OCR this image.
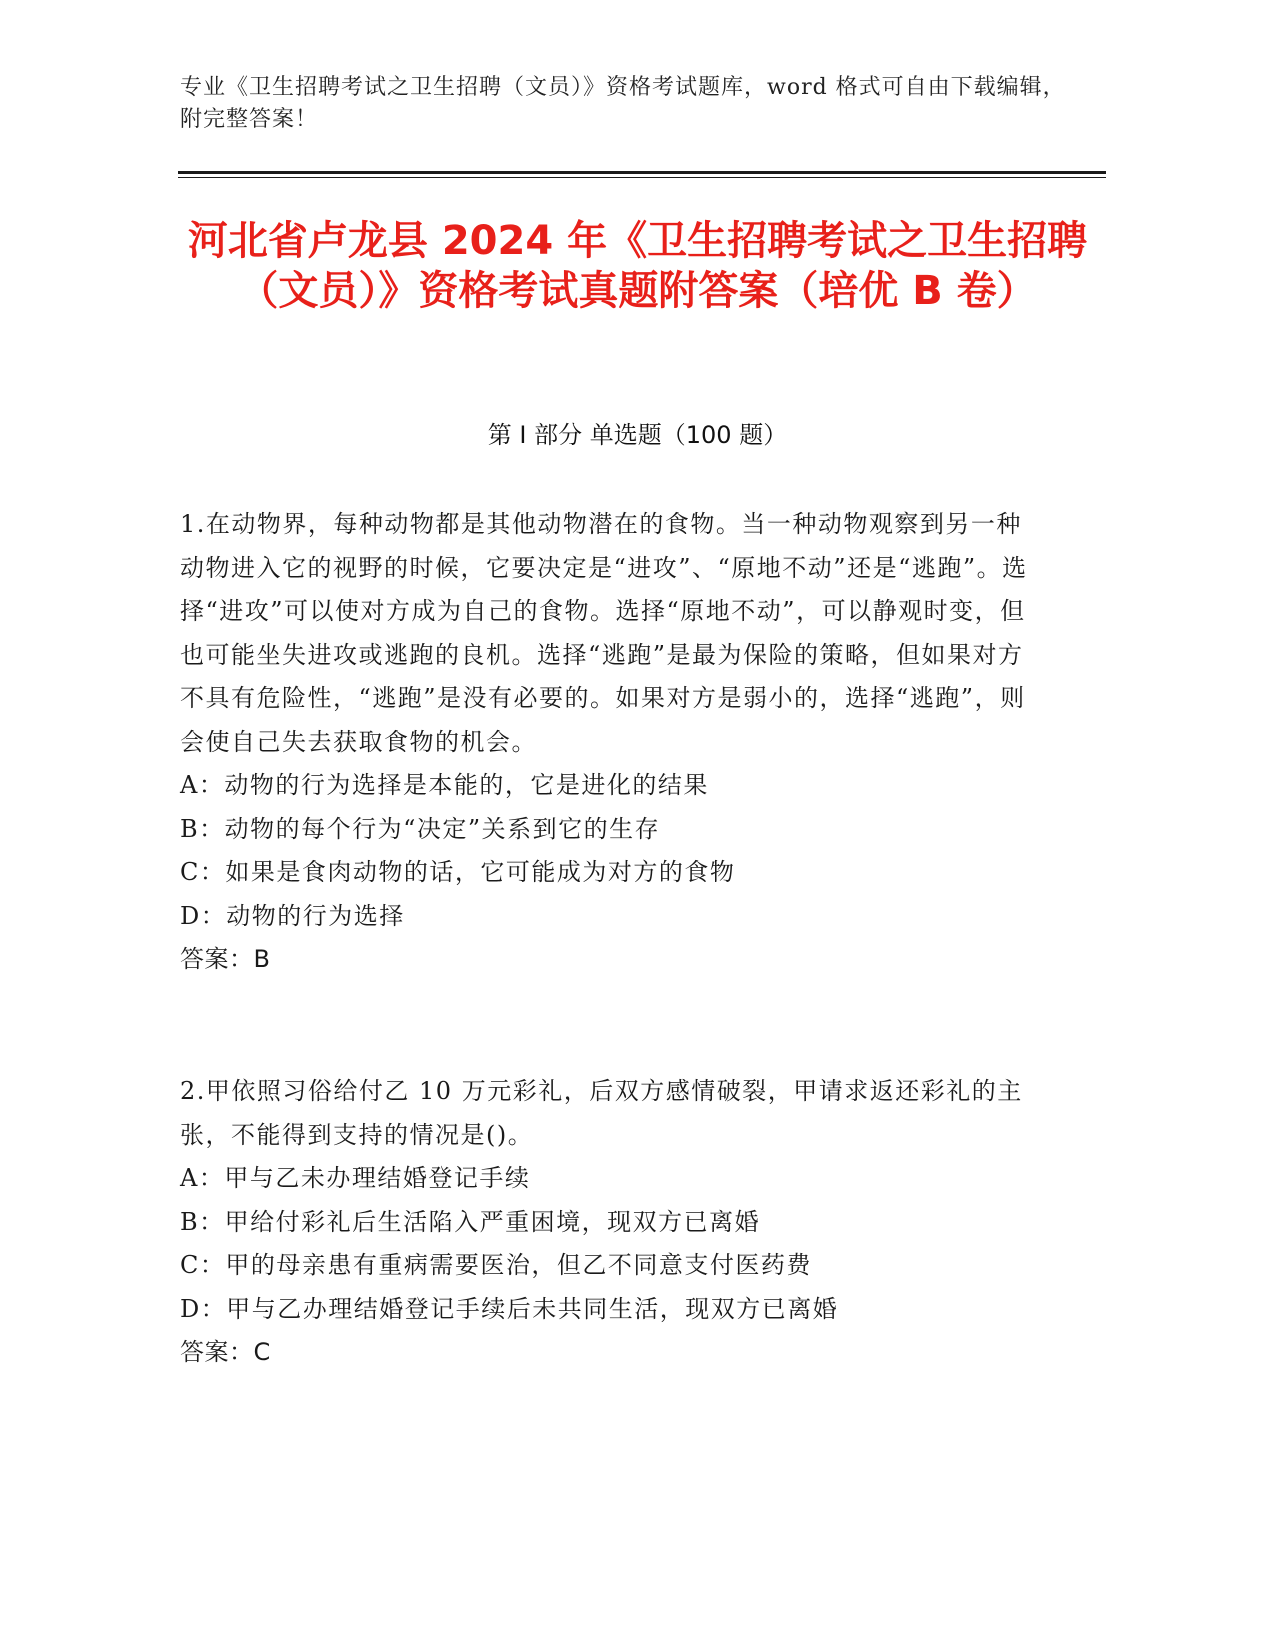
专业《卫生招聘考试之卫生招聘（文员）》资格考试题库，word 格式可自由下载编辑，附完整答案！
河北省卢龙县 2024 年《卫生招聘考试之卫生招聘（文员）》资格考试真题附答案（培优 B 卷）
第 I 部分 单选题（100 题）

1.在动物界，每种动物都是其他动物潜在的食物。当一种动物观察到另一种动物进入它的视野的时候，它要决定是“进攻”、“原地不动”还是“逃跑”。选择“进攻”可以使对方成为自己的食物。选择“原地不动”，可以静观时变，但也可能坐失进攻或逃跑的良机。选择“逃跑”是最为保险的策略，但如果对方不具有危险性，“逃跑”是没有必要的。如果对方是弱小的，选择“逃跑”，则会使自己失去获取食物的机会。

A：动物的行为选择是本能的，它是进化的结果

B：动物的每个行为“决定”关系到它的生存

C：如果是食肉动物的话，它可能成为对方的食物

D：动物的行为选择

答案：B

2.甲依照习俗给付乙 10 万元彩礼，后双方感情破裂，甲请求返还彩礼的主张，不能得到支持的情况是()。

A：甲与乙未办理结婚登记手续

B：甲给付彩礼后生活陷入严重困境，现双方已离婚

C：甲的母亲患有重病需要医治，但乙不同意支付医药费

D：甲与乙办理结婚登记手续后未共同生活，现双方已离婚

答案：C
